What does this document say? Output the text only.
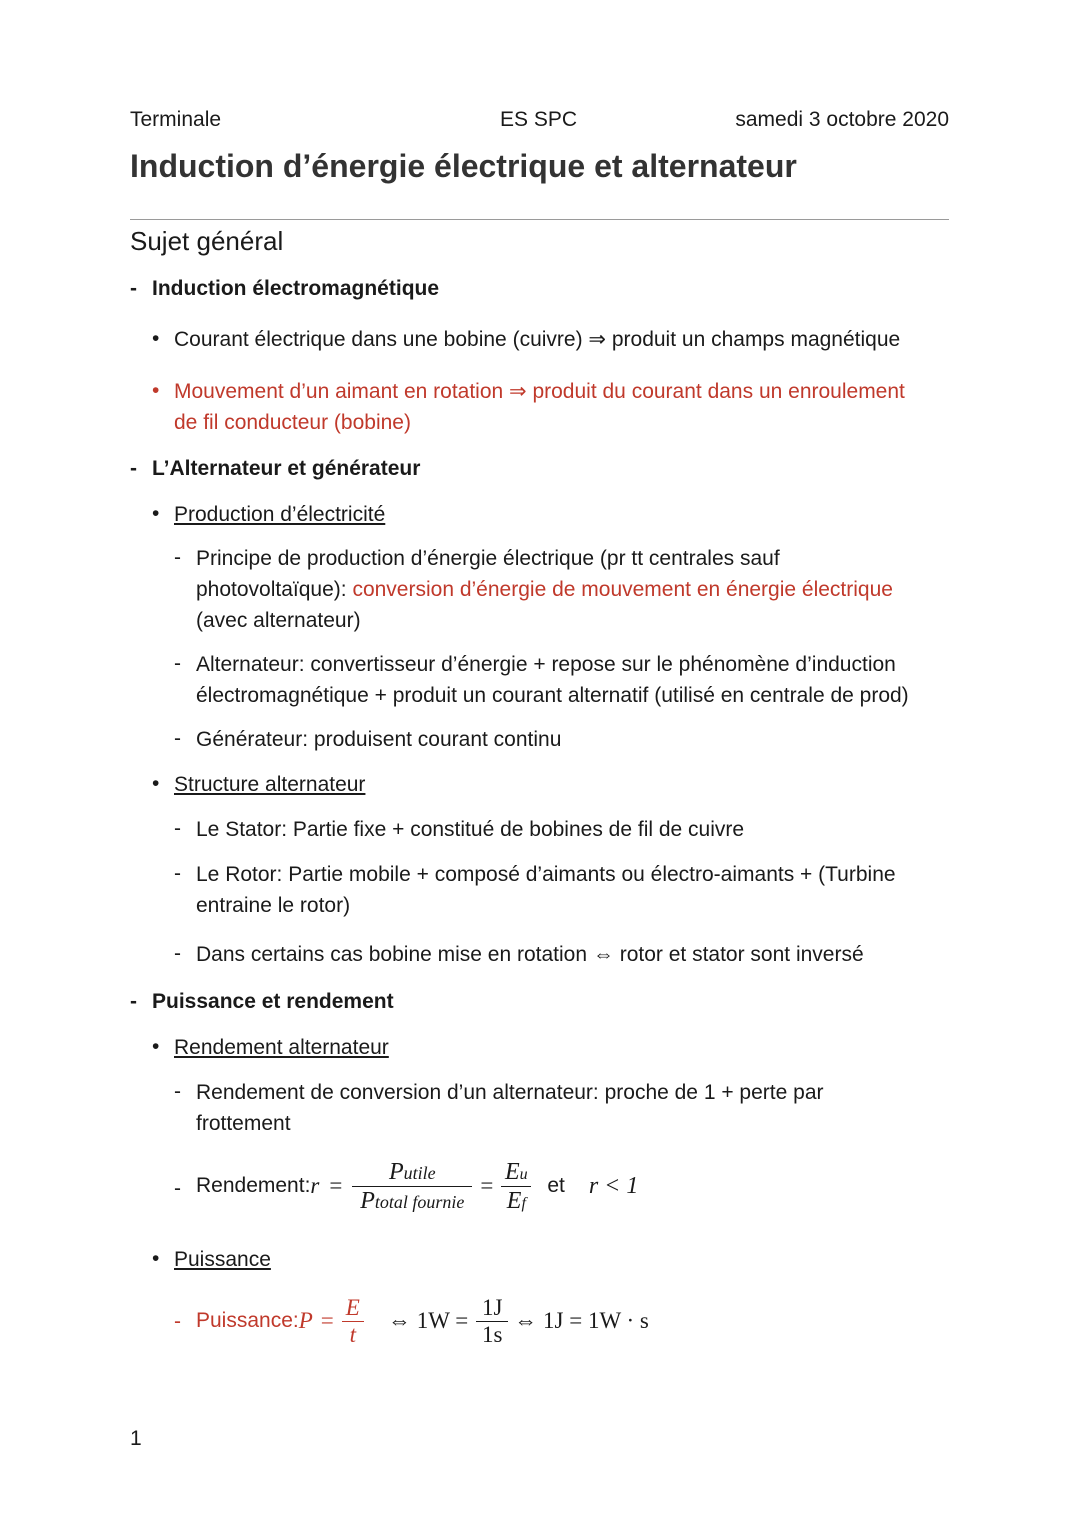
Terminale	ES SPC	samedi 3 octobre 2020
Induction d’énergie électrique et alternateur
Sujet général
- Induction électromagnétique
• Courant électrique dans une bobine (cuivre) ⇒ produit un champs magnétique
• Mouvement d’un aimant en rotation ⇒ produit du courant dans un enroulement
de fil conducteur (bobine)
- L’Alternateur et générateur
• Production d’électricité
- Principe de production d’énergie électrique (pr tt centrales sauf
photovoltaïque): conversion d’énergie de mouvement en énergie électrique
(avec alternateur)
- Alternateur: convertisseur d’énergie + repose sur le phénomène d’induction
électromagnétique + produit un courant alternatif (utilisé en centrale de prod)
- Générateur: produisent courant continu
• Structure alternateur
- Le Stator: Partie fixe + constitué de bobines de fil de cuivre
- Le Rotor: Partie mobile + composé d’aimants ou électro-aimants + (Turbine
entraine le rotor)
- Dans certains cas bobine mise en rotation ⇔ rotor et stator sont inversé
- Puissance et rendement
• Rendement alternateur
- Rendement de conversion d’un alternateur: proche de 1 + perte par
frottement
- Rendement: $r = \frac{\text{Putile}}{\text{Ptotal fournie}} = \frac{Eu}{Ef}$ et r < 1
• Puissance
- Puissance: $P = \frac{E}{t}$ ⇔ $1W = \frac{1J}{1s}$ ⇔ 1J = 1W · s
1
